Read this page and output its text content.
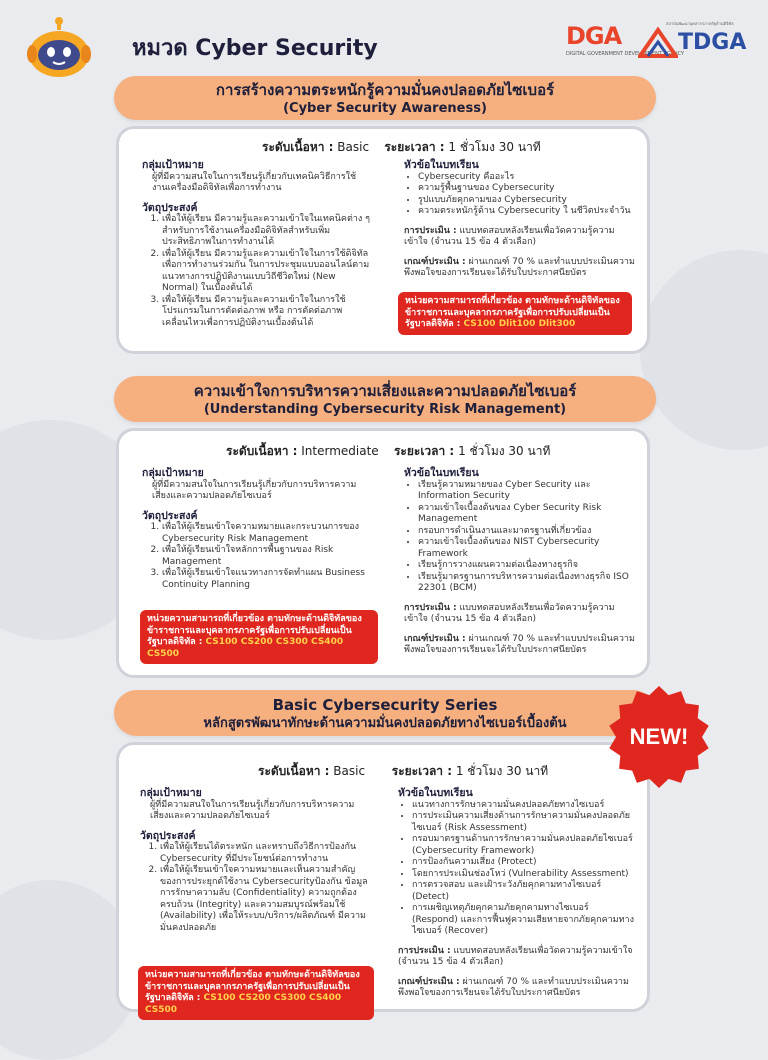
หมวด Cyber Security	DGA
DIGITAL GOVERNMENT DEVELOPMENT AGENCY
สถาบันพัฒนาบุคลากรภาครัฐด้านดิจิทัล
TDGA
การสร้างความตระหนักรู้ความมั่นคงปลอดภัยไซเบอร์
(Cyber Security Awareness)
ระดับเนื้อหา : Basic ระยะเวลา : 1 ชั่วโมง 30 นาที
กลุ่มเป้าหมาย
ผู้ที่มีความสนใจในการเรียนรู้เกี่ยวกับเทคนิควิธีการใช้งานเครื่องมือดิจิทัลเพื่อการทำงาน
วัตถุประสงค์
1. เพื่อให้ผู้เรียน มีความรู้และความเข้าใจในเทคนิคต่าง ๆ สำหรับการใช้งานเครื่องมือดิจิทัลสำหรับเพิ่มประสิทธิภาพในการทำงานได้
2. เพื่อให้ผู้เรียน มีความรู้และความเข้าใจในการใช้ดิจิทัลเพื่อการทำงานร่วมกัน ในการประชุมแบบออนไลน์ตามแนวทางการปฏิบัติงานแบบวิถีชีวิตใหม่ (New Normal) ในเบื้องต้นได้
3. เพื่อให้ผู้เรียน มีความรู้และความเข้าใจในการใช้โปรแกรมในการตัดต่อภาพ หรือ การตัดต่อภาพเคลื่อนไหวเพื่อการปฏิบัติงานเบื้องต้นได้
หัวข้อในบทเรียน
• Cybersecurity คืออะไร
• ความรู้พื้นฐานของ Cybersecurity
• รูปแบบภัยคุกคามของ Cybersecurity
• ความตระหนักรู้ด้าน Cybersecurity ใ นชีวิตประจำวัน
การประเมิน : แบบทดสอบหลังเรียนเพื่อวัดความรู้ความเข้าใจ (จำนวน 15 ข้อ 4 ตัวเลือก)
เกณฑ์ประเมิน : ผ่านเกณฑ์ 70 % และทำแบบประเมินความพึงพอใจของการเรียนจะได้รับใบประกาศนียบัตร
หน่วยความสามารถที่เกี่ยวข้อง ตามทักษะด้านดิจิทัลของข้าราชการและบุคลากรภาครัฐเพื่อการปรับเปลี่ยนเป็นรัฐบาลดิจิทัล : CS100 Dlit100 Dlit300
ความเข้าใจการบริหารความเสี่ยงและความปลอดภัยไซเบอร์
(Understanding Cybersecurity Risk Management)
ระดับเนื้อหา : Intermediate ระยะเวลา : 1 ชั่วโมง 30 นาที
กลุ่มเป้าหมาย
ผู้ที่มีความสนใจในการเรียนรู้เกี่ยวกับการบริหารความเสี่ยงและความปลอดภัยไซเบอร์
วัตถุประสงค์
1. เพื่อให้ผู้เรียนเข้าใจความหมายและกระบวนการของ Cybersecurity Risk Management
2. เพื่อให้ผู้เรียนเข้าใจหลักการพื้นฐานของ Risk Management
3. เพื่อให้ผู้เรียนเข้าใจแนวทางการจัดทำแผน Business Continuity Planning
หัวข้อในบทเรียน
• เรียนรู้ความหมายของ Cyber Security และ Information Security
• ความเข้าใจเบื้องต้นของ Cyber Security Risk Management
• กรอบการดำเนินงานและมาตรฐานที่เกี่ยวข้อง
• ความเข้าใจเบื้องต้นของ NIST Cybersecurity Framework
• เรียนรู้การวางแผนความต่อเนื่องทางธุรกิจ
• เรียนรู้มาตรฐานการบริหารความต่อเนื่องทางธุรกิจ ISO 22301 (BCM)
การประเมิน : แบบทดสอบหลังเรียนเพื่อวัดความรู้ความเข้าใจ (จำนวน 15 ข้อ 4 ตัวเลือก)
เกณฑ์ประเมิน : ผ่านเกณฑ์ 70 % และทำแบบประเมินความพึงพอใจของการเรียนจะได้รับใบประกาศนียบัตร
หน่วยความสามารถที่เกี่ยวข้อง ตามทักษะด้านดิจิทัลของข้าราชการและบุคลากรภาครัฐเพื่อการปรับเปลี่ยนเป็นรัฐบาลดิจิทัล : CS100 CS200 CS300 CS400 CS500
Basic Cybersecurity Series
หลักสูตรพัฒนาทักษะด้านความมั่นคงปลอดภัยทางไซเบอร์เบื้องต้น
NEW!
ระดับเนื้อหา : Basic ระยะเวลา : 1 ชั่วโมง 30 นาที
กลุ่มเป้าหมาย
ผู้ที่มีความสนใจในการเรียนรู้เกี่ยวกับการบริหารความเสี่ยงและความปลอดภัยไซเบอร์
วัตถุประสงค์
1. เพื่อให้ผู้เรียนได้ตระหนัก และทราบถึงวิธีการป้องกัน Cybersecurity ที่มีประโยชน์ต่อการทำงาน
2. เพื่อให้ผู้เรียนเข้าใจความหมายและเห็นความสำคัญ ของการประยุกต์ใช้งาน Cybersecurityป้องกัน ข้อมูล การรักษาความลับ (Confidentiality) ความถูกต้องครบถ้วน (Integrity) และความสมบูรณ์พร้อมใช้ (Availability) เพื่อให้ระบบ/บริการ/ผลิตภัณฑ์ มีความมั่นคงปลอดภัย
หัวข้อในบทเรียน
• แนวทางการรักษาความมั่นคงปลอดภัยทางไซเบอร์
• การประเมินความเสี่ยงด้านการรักษาความมั่นคงปลอดภัยไซเบอร์ (Risk Assessment)
• กรอบมาตรฐานด้านการรักษาความมั่นคงปลอดภัยไซเบอร์ (Cybersecurity Framework)
• การป้องกันความเสี่ยง (Protect)
• โดยการประเมินช่องโหว่ (Vulnerability Assessment)
• การตรวจสอบ และเฝ้าระวังภัยคุกคามทางไซเบอร์ (Detect)
• การเผชิญเหตุภัยคุกคามภัยคุกคามทางไซเบอร์ (Respond) และการฟื้นฟูความเสียหายจากภัยคุกคามทางไซเบอร์ (Recover)
การประเมิน : แบบทดสอบหลังเรียนเพื่อวัดความรู้ความเข้าใจ (จำนวน 15 ข้อ 4 ตัวเลือก)
เกณฑ์ประเมิน : ผ่านเกณฑ์ 70 % และทำแบบประเมินความพึงพอใจของการเรียนจะได้รับใบประกาศนียบัตร
หน่วยความสามารถที่เกี่ยวข้อง ตามทักษะด้านดิจิทัลของข้าราชการและบุคลากรภาครัฐเพื่อการปรับเปลี่ยนเป็นรัฐบาลดิจิทัล : CS100 CS200 CS300 CS400 CS500
